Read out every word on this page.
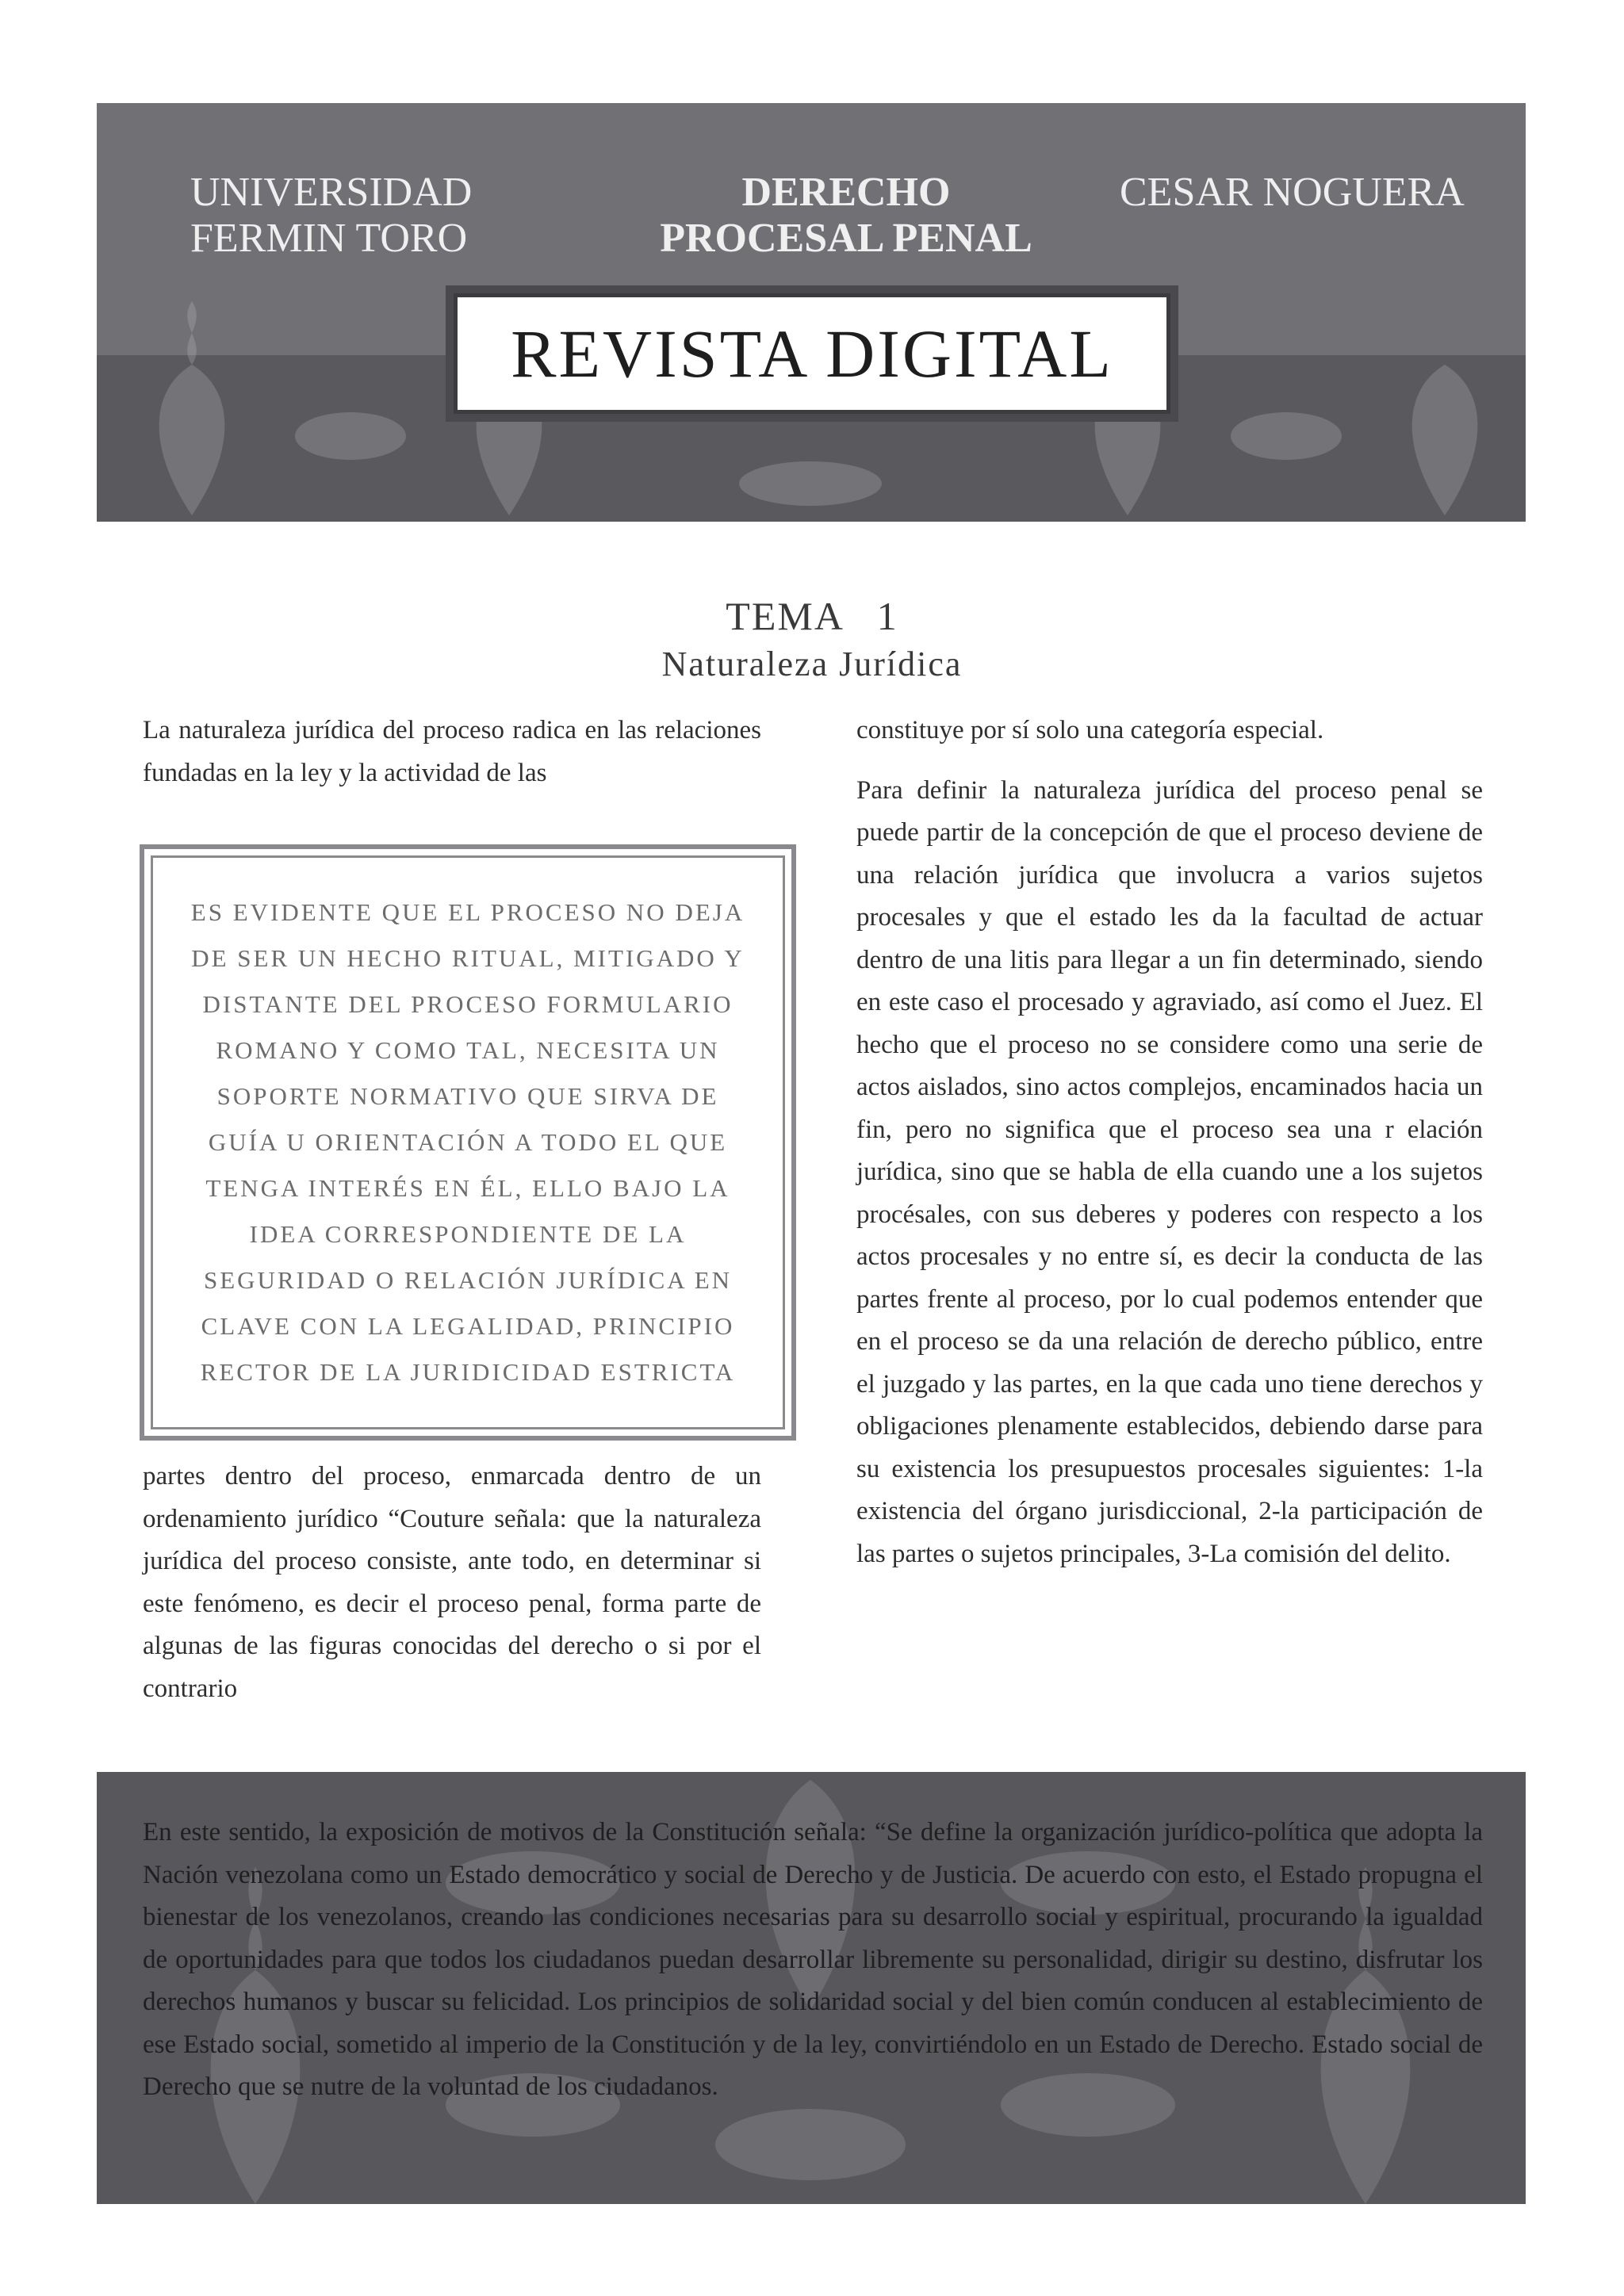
UNIVERSIDAD
FERMIN TORO
DERECHO
PROCESAL PENAL
CESAR NOGUERA
REVISTA DIGITAL
TEMA   1
Naturaleza Jurídica
La naturaleza jurídica del proceso radica en las relaciones fundadas en la ley y la actividad de las
ES EVIDENTE QUE EL PROCESO NO DEJA DE SER UN HECHO RITUAL, MITIGADO Y DISTANTE DEL PROCESO FORMULARIO ROMANO Y COMO TAL, NECESITA UN SOPORTE NORMATIVO QUE SIRVA DE GUÍA U ORIENTACIÓN A TODO EL QUE TENGA INTERÉS EN ÉL, ELLO BAJO LA IDEA CORRESPONDIENTE DE LA SEGURIDAD O RELACIÓN JURÍDICA EN CLAVE CON LA LEGALIDAD, PRINCIPIO RECTOR DE LA JURIDICIDAD ESTRICTA
partes dentro del proceso, enmarcada dentro de un ordenamiento jurídico “Couture señala: que la naturaleza jurídica del proceso consiste, ante todo, en determinar si este fenómeno, es decir el proceso penal, forma parte de algunas de las figuras conocidas del derecho o si por el contrario

constituye por sí solo una categoría especial.

Para definir la naturaleza jurídica del proceso penal se puede partir de la concepción de que el proceso deviene de una relación jurídica que involucra a varios sujetos procesales y que el estado les da la facultad de actuar dentro de una litis para llegar a un fin determinado, siendo en este caso el procesado y agraviado, así como el Juez. El hecho que el proceso no se considere como una serie de actos aislados, sino actos complejos, encaminados hacia un fin, pero no significa que el proceso sea una r elación jurídica, sino que se habla de ella cuando une a los sujetos procésales, con sus deberes y poderes con respecto a los actos procesales y no entre sí, es decir la conducta de las partes frente al proceso, por lo cual podemos entender que en el proceso se da una relación de derecho público, entre el juzgado y las partes, en la que cada uno tiene derechos y obligaciones plenamente establecidos, debiendo darse para su existencia los presupuestos procesales siguientes: 1-la existencia del órgano jurisdiccional, 2-la participación de las partes o sujetos principales, 3-La comisión del delito.

En este sentido, la exposición de motivos de la Constitución señala: “Se define la organización jurídico-política que adopta la Nación venezolana como un Estado democrático y social de Derecho y de Justicia. De acuerdo con esto, el Estado propugna el bienestar de los venezolanos, creando las condiciones necesarias para su desarrollo social y espiritual, procurando la igualdad de oportunidades para que todos los ciudadanos puedan desarrollar libremente su personalidad, dirigir su destino, disfrutar los derechos humanos y buscar su felicidad. Los principios de solidaridad social y del bien común conducen al establecimiento de ese Estado social, sometido al imperio de la Constitución y de la ley, convirtiéndolo en un Estado de Derecho. Estado social de Derecho que se nutre de la voluntad de los ciudadanos.
